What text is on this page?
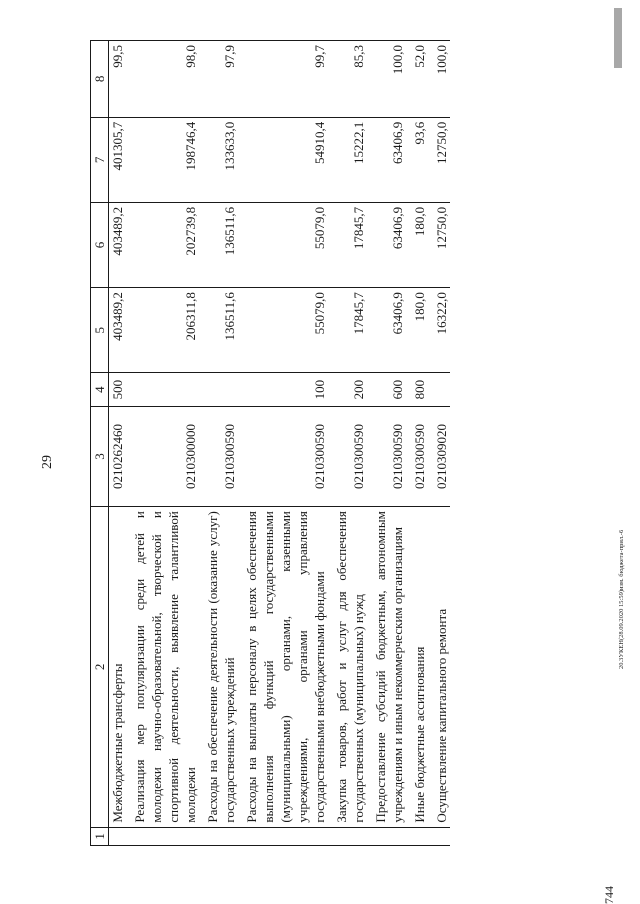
29
1	2	3	4	5	6	7	8
	Межбюджетные трансферты	0210262460	500	403489,2	403489,2	401305,7	99,5
	Реализация мер популяризации среди детей и молодежи научно-образовательной, творческой и спортивной деятельности, выявление талантливой молодежи	0210300000		206311,8	202739,8	198746,4	98,0
	Расходы на обеспечение деятельности (оказание услуг) государственных учреждений	0210300590		136511,6	136511,6	133633,0	97,9
	Расходы на выплаты персоналу в целях обеспечения выполнения функций государственными (муниципальными) органами, казенными учреждениями, органами управления государственными внебюджетными фондами	0210300590	100	55079,0	55079,0	54910,4	99,7
	Закупка товаров, работ и услуг для обеспечения государственных (муниципальных) нужд	0210300590	200	17845,7	17845,7	15222,1	85,3
	Предоставление субсидий бюджетным, автономным учреждениям и иным некоммерческим организациям	0210300590	600	63406,9	63406,9	63406,9	100,0
	Иные бюджетные ассигнования	0210300590	800	180,0	180,0	93,6	52,0
	Осуществление капитального ремонта	0210309020		16322,0	12750,0	12750,0	100,0
20.3УКЕН(28.09.2020 15:59)изм. бюджета-прил.-6
744
